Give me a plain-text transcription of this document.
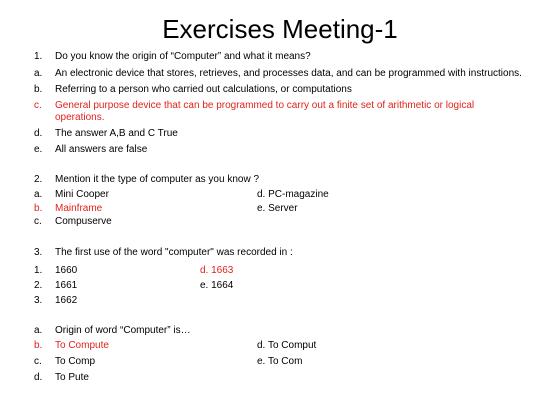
Exercises Meeting-1
1.	Do you know the origin of “Computer” and what it means?
a.	An electronic device that stores, retrieves, and processes data, and can be programmed with instructions.
b.	Referring to a person who carried out calculations, or computations
c.	General purpose device that can be programmed to carry out a finite set of arithmetic or logical
operations.
d.	The answer A,B and C True
e.	All answers are false
2.	Mention it the type of computer as you know ?
a.	Mini Cooper	d. PC-magazine
b.	Mainframe	e. Server
c.	Compuserve
3.	The first use of the word "computer" was recorded in :
1.	1660	d. 1663
2.	1661	e. 1664
3.	1662
a.	Origin of word “Computer” is…
b.	To Compute	d. To Comput
c.	To Comp	e. To Com
d.	To Pute
